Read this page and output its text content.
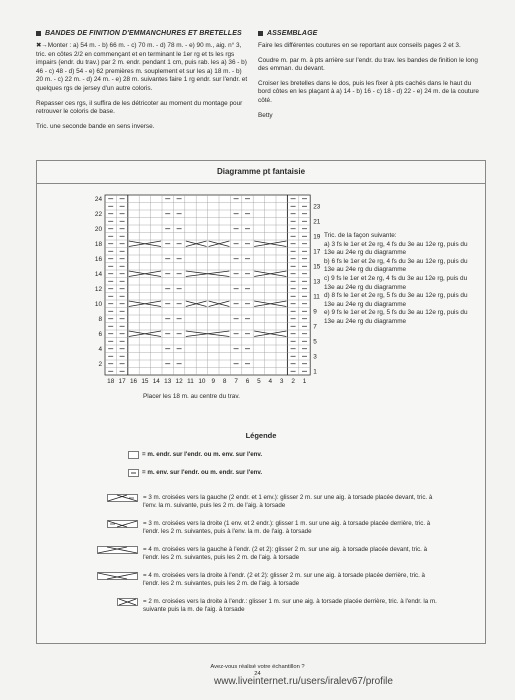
BANDES DE FINITION D'EMMANCHURES ET BRETELLES

✖→Monter : a) 54 m. - b) 66 m. - c) 70 m. - d) 78 m. - e) 90 m., aig. n° 3, tric. en côtes 2/2 en commençant et en terminant le 1er rg et ts les rgs impairs (endr. du trav.) par 2 m. endr. pendant 1 cm, puis rab. les a) 36 - b) 46 - c) 48 - d) 54 - e) 62 premières m. souplement et sur les a) 18 m. - b) 20 m. - c) 22 m. - d) 24 m. - e) 28 m. suivantes faire 1 rg endr. sur l'endr. et quelques rgs de jersey d'un autre coloris.

Repasser ces rgs, il suffira de les détricoter au moment du montage pour retrouver le coloris de base.

Tric. une seconde bande en sens inverse.

ASSEMBLAGE

Faire les différentes coutures en se reportant aux conseils pages 2 et 3.

Coudre m. par m. à pts arrière sur l'endr. du trav. les bandes de finition le long des emman. du devant.

Croiser les bretelles dans le dos, puis les fixer à pts cachés dans le haut du bord côtes en les plaçant à a) 14 - b) 16 - c) 18 - d) 22 - e) 24 m. de la couture côté.

Betty

Diagramme pt fantaisie
24
22
20
18
16
14
12
10
8
6
4
2
23
21
19
17
15
13
11
9
7
5
3
1
18 17 16 15 14 13 12 11 10 9 8 7 6 5 4 3 2 1

Tric. de la façon suivante:

a) 3 fs le 1er et 2e rg, 4 fs du 3e au 12e rg, puis du 13e au 24e rg du diagramme

b) 6 fs le 1er et 2e rg, 4 fs du 3e au 12e rg, puis du 13e au 24e rg du diagramme

c) 9 fs le 1er et 2e rg, 4 fs du 3e au 12e rg, puis du 13e au 24e rg du diagramme

d) 8 fs le 1er et 2e rg, 5 fs du 3e au 12e rg, puis du 13e au 24e rg du diagramme

e) 9 fs le 1er et 2e rg, 5 fs du 3e au 12e rg, puis du 13e au 24e rg du diagramme

Placer les 18 m. au centre du trav.
Légende
= m. endr. sur l'endr. ou m. env. sur l'env.
= m. env. sur l'endr. ou m. endr. sur l'env.
= 3 m. croisées vers la gauche (2 endr. et 1 env.): glisser 2 m. sur une aig. à torsade placée devant, tric. à l'env. la m. suivante, puis les 2 m. de l'aig. à torsade
= 3 m. croisées vers la droite (1 env. et 2 endr.): glisser 1 m. sur une aig. à torsade placée derrière, tric. à l'endr. les 2 m. suivantes, puis à l'env. la m. de l'aig. à torsade
= 4 m. croisées vers la gauche à l'endr. (2 et 2): glisser 2 m. sur une aig. à torsade placée devant, tric. à l'endr. les 2 m. suivantes, puis les 2 m. de l'aig. à torsade
= 4 m. croisées vers la droite à l'endr. (2 et 2): glisser 2 m. sur une aig. à torsade placée derrière, tric. à l'endr. les 2 m. suivantes, puis les 2 m. de l'aig. à torsade
= 2 m. croisées vers la droite à l'endr.: glisser 1 m. sur une aig. à torsade placée derrière, tric. à l'endr. la m. suivante puis la m. de l'aig. à torsade
Avez-vous réalisé votre échantillon ?
24
www.liveinternet.ru/users/iralev67/profile
